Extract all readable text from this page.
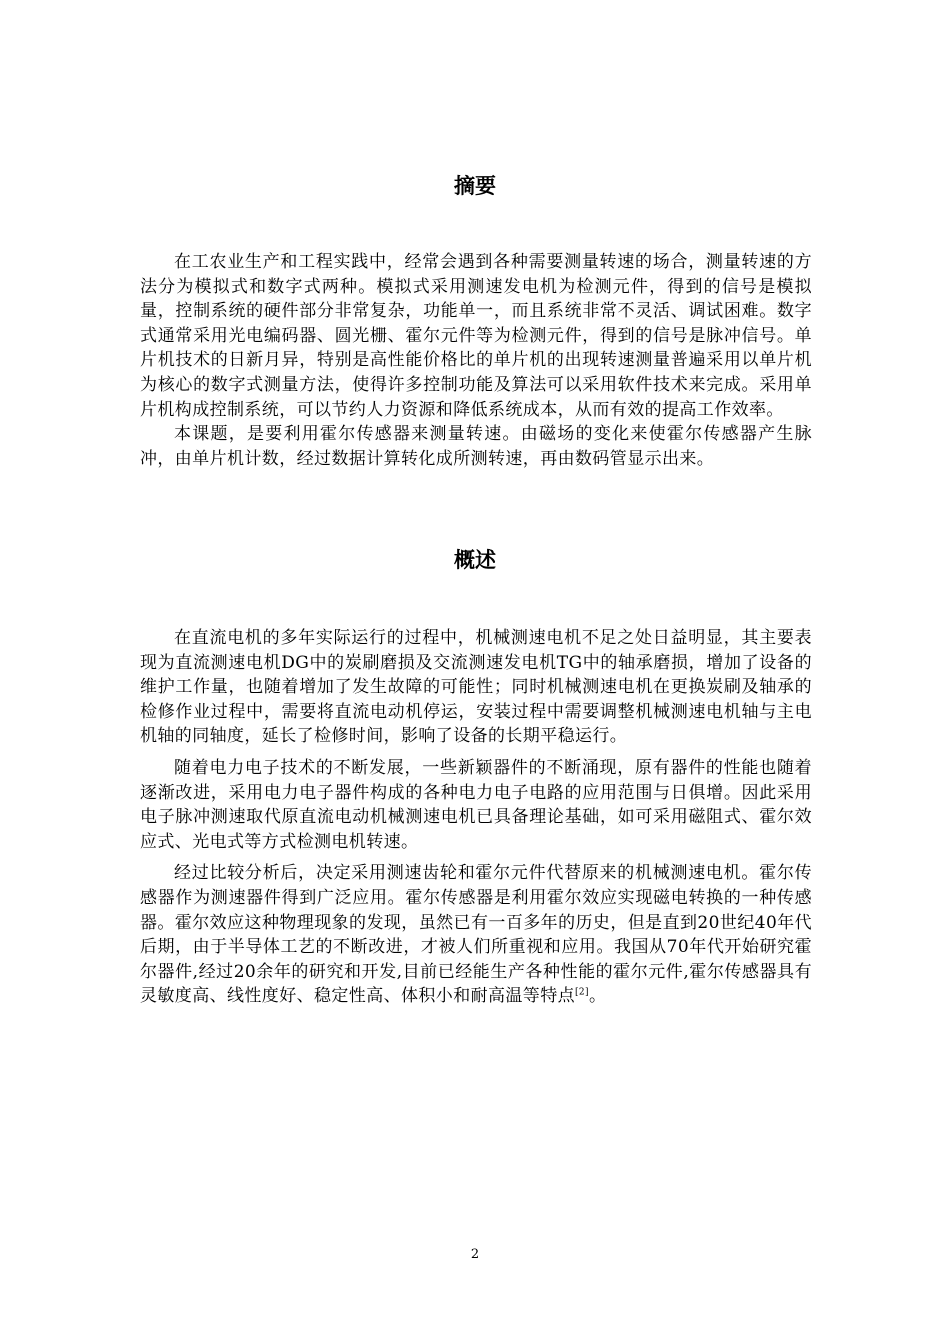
摘要

在工农业生产和工程实践中，经常会遇到各种需要测量转速的场合，测量转速的方法分为模拟式和数字式两种。模拟式采用测速发电机为检测元件，得到的信号是模拟量，控制系统的硬件部分非常复杂，功能单一，而且系统非常不灵活、调试困难。数字式通常采用光电编码器、圆光栅、霍尔元件等为检测元件，得到的信号是脉冲信号。单片机技术的日新月异，特别是高性能价格比的单片机的出现转速测量普遍采用以单片机为核心的数字式测量方法，使得许多控制功能及算法可以采用软件技术来完成。采用单片机构成控制系统，可以节约人力资源和降低系统成本，从而有效的提高工作效率。

本课题，是要利用霍尔传感器来测量转速。由磁场的变化来使霍尔传感器产生脉冲，由单片机计数，经过数据计算转化成所测转速，再由数码管显示出来。

概述

在直流电机的多年实际运行的过程中，机械测速电机不足之处日益明显，其主要表现为直流测速电机DG中的炭刷磨损及交流测速发电机TG中的轴承磨损，增加了设备的维护工作量，也随着增加了发生故障的可能性；同时机械测速电机在更换炭刷及轴承的检修作业过程中，需要将直流电动机停运，安装过程中需要调整机械测速电机轴与主电机轴的同轴度，延长了检修时间，影响了设备的长期平稳运行。

随着电力电子技术的不断发展，一些新颖器件的不断涌现，原有器件的性能也随着逐渐改进，采用电力电子器件构成的各种电力电子电路的应用范围与日俱增。因此采用电子脉冲测速取代原直流电动机械测速电机已具备理论基础，如可采用磁阻式、霍尔效应式、光电式等方式检测电机转速。

经过比较分析后，决定采用测速齿轮和霍尔元件代替原来的机械测速电机。霍尔传感器作为测速器件得到广泛应用。霍尔传感器是利用霍尔效应实现磁电转换的一种传感器。霍尔效应这种物理现象的发现，虽然已有一百多年的历史，但是直到20世纪40年代后期，由于半导体工艺的不断改进，才被人们所重视和应用。我国从70年代开始研究霍尔器件,经过20余年的研究和开发,目前已经能生产各种性能的霍尔元件,霍尔传感器具有灵敏度高、线性度好、稳定性高、体积小和耐高温等特点[2]。

2
